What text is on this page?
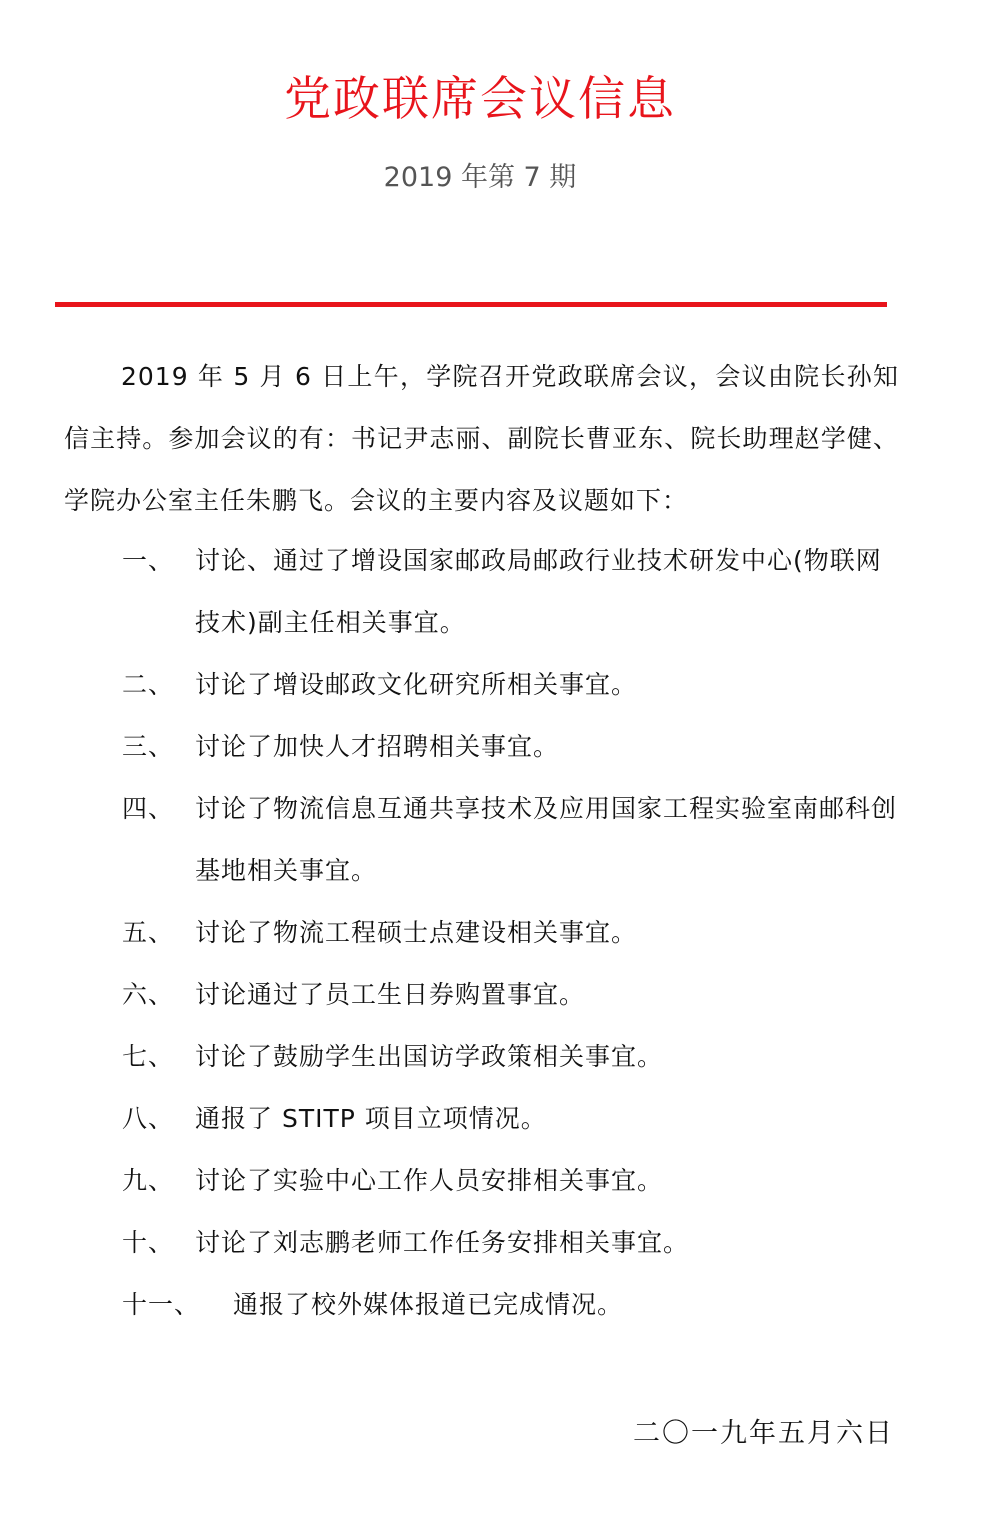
党政联席会议信息
2019 年第 7 期

2019 年 5 月 6 日上午，学院召开党政联席会议，会议由院长孙知信主持。参加会议的有：书记尹志丽、副院长曹亚东、院长助理赵学健、学院办公室主任朱鹏飞。会议的主要内容及议题如下：

一、 讨论、通过了增设国家邮政局邮政行业技术研发中心(物联网技术)副主任相关事宜。
二、 讨论了增设邮政文化研究所相关事宜。
三、 讨论了加快人才招聘相关事宜。
四、 讨论了物流信息互通共享技术及应用国家工程实验室南邮科创基地相关事宜。
五、 讨论了物流工程硕士点建设相关事宜。
六、 讨论通过了员工生日券购置事宜。
七、 讨论了鼓励学生出国访学政策相关事宜。
八、 通报了 STITP 项目立项情况。
九、 讨论了实验中心工作人员安排相关事宜。
十、 讨论了刘志鹏老师工作任务安排相关事宜。
十一、 通报了校外媒体报道已完成情况。
二〇一九年五月六日
